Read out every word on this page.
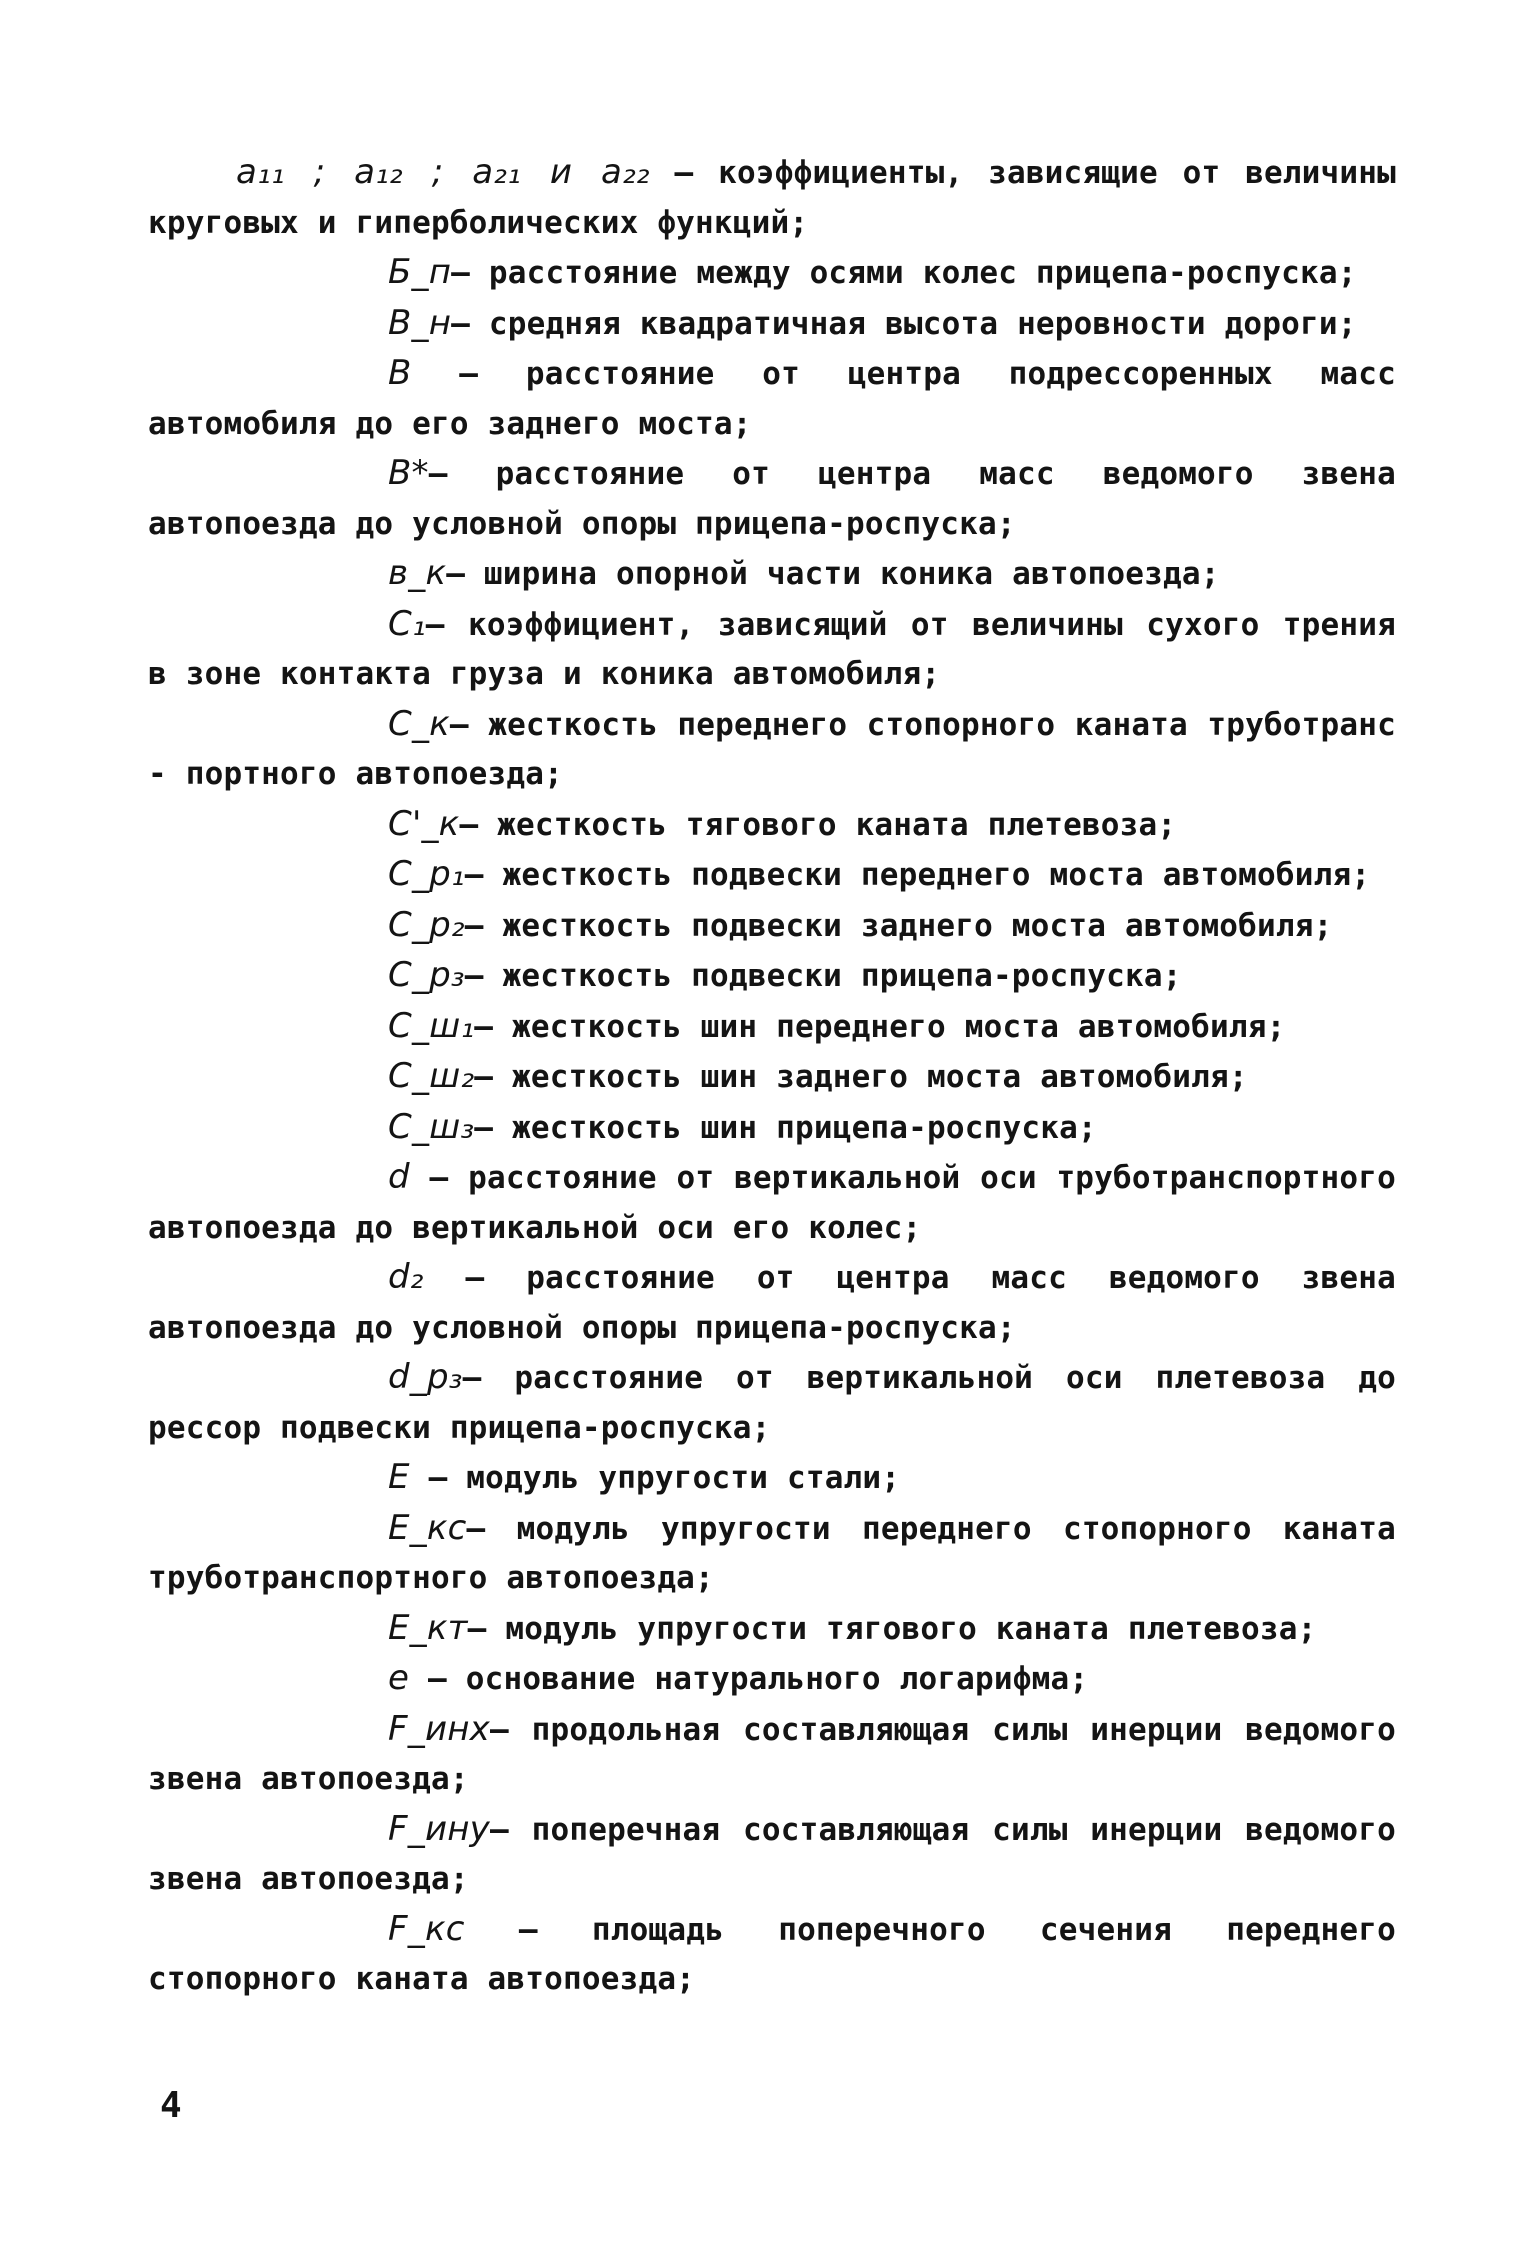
a₁₁ ; a₁₂ ; a₂₁ и a₂₂ – коэффициенты, зависящие от величины круговых и гиперболических функций;

Б_п– расстояние между осями колес прицепа-роспуска;

В_н– средняя квадратичная высота неровности дороги;

В – расстояние от центра подрессоренных масс автомобиля до его заднего моста;

В*– расстояние от центра масс ведомого звена автопоезда до условной опоры прицепа-роспуска;

в_к– ширина опорной части коника автопоезда;

С₁– коэффициент, зависящий от величины сухого трения в зоне контакта груза и коника автомобиля;

С_к– жесткость переднего стопорного каната труботранс - портного автопоезда;

С'_к– жесткость тягового каната плетевоза;

С_р₁– жесткость подвески переднего моста автомобиля;

С_р₂– жесткость подвески заднего моста автомобиля;

С_р₃– жесткость подвески прицепа-роспуска;

С_ш₁– жесткость шин переднего моста автомобиля;

С_ш₂– жесткость шин заднего моста автомобиля;

С_ш₃– жесткость шин прицепа-роспуска;

d – расстояние от вертикальной оси труботранспортного автопоезда до вертикальной оси его колес;

d₂ – расстояние от центра масс ведомого звена автопоезда до условной опоры прицепа-роспуска;

d_р₃– расстояние от вертикальной оси плетевоза до рессор подвески прицепа-роспуска;

Е – модуль упругости стали;

Е_кс– модуль упругости переднего стопорного каната труботранспортного автопоезда;

Е_кт– модуль упругости тягового каната плетевоза;

е – основание натурального логарифма;

F_инх– продольная составляющая силы инерции ведомого звена автопоезда;

F_инy– поперечная составляющая силы инерции ведомого звена автопоезда;

F_кс – площадь поперечного сечения переднего стопорного каната автопоезда;

4
